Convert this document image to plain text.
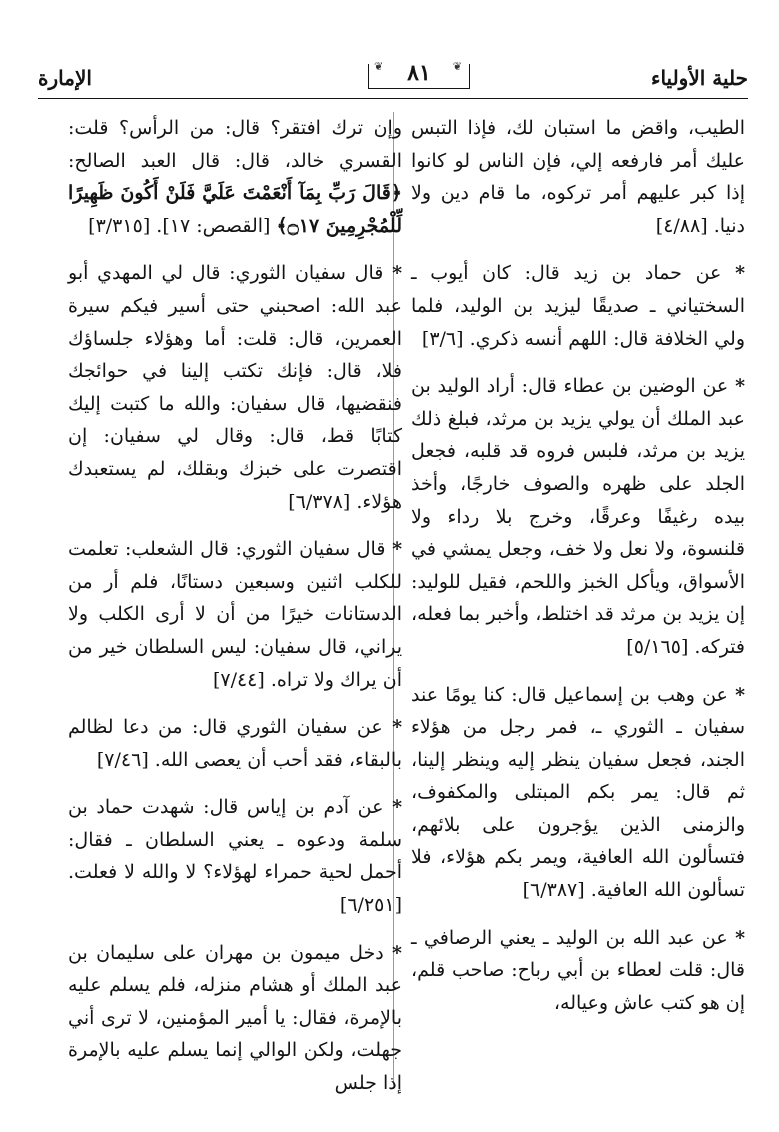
حلية الأولياء
❦
٨١
❦
الإمارة

الطيب، واقض ما استبان لك، فإذا التبس عليك أمر فارفعه إلي، فإن الناس لو كانوا إذا كبر عليهم أمر تركوه، ما قام دين ولا دنيا. [٤/٨٨]

* عن حماد بن زيد قال: كان أيوب ـ السختياني ـ صديقًا ليزيد بن الوليد، فلما ولي الخلافة قال: اللهم أنسه ذكري. [٣/٦]

* عن الوضين بن عطاء قال: أراد الوليد بن عبد الملك أن يولي يزيد بن مرثد، فبلغ ذلك يزيد بن مرثد، فلبس فروه قد قلبه، فجعل الجلد على ظهره والصوف خارجًا، وأخذ بيده رغيفًا وعرقًا، وخرج بلا رداء ولا قلنسوة، ولا نعل ولا خف، وجعل يمشي في الأسواق، ويأكل الخبز واللحم، فقيل للوليد: إن يزيد بن مرثد قد اختلط، وأخبر بما فعله، فتركه. [٥/١٦٥]

* عن وهب بن إسماعيل قال: كنا يومًا عند سفيان ـ الثوري ـ، فمر رجل من هؤلاء الجند، فجعل سفيان ينظر إليه وينظر إلينا، ثم قال: يمر بكم المبتلى والمكفوف، والزمنى الذين يؤجرون على بلائهم، فتسألون الله العافية، ويمر بكم هؤلاء، فلا تسألون الله العافية. [٦/٣٨٧]

* عن عبد الله بن الوليد ـ يعني الرصافي ـ قال: قلت لعطاء بن أبي رباح: صاحب قلم، إن هو كتب عاش وعياله،

وإن ترك افتقر؟ قال: من الرأس؟ قلت: القسري خالد، قال: قال العبد الصالح: ﴿قَالَ رَبِّ بِمَآ أَنْعَمْتَ عَلَيَّ فَلَنْ أَكُونَ ظَهِيرًا لِّلْمُجْرِمِينَ ۝١٧﴾ [القصص: ١٧]. [٣/٣١٥]

* قال سفيان الثوري: قال لي المهدي أبو عبد الله: اصحبني حتى أسير فيكم سيرة العمرين، قال: قلت: أما وهؤلاء جلساؤك فلا، قال: فإنك تكتب إلينا في حوائجك فنقضيها، قال سفيان: والله ما كتبت إليك كتابًا قط، قال: وقال لي سفيان: إن اقتصرت على خبزك وبقلك، لم يستعبدك هؤلاء. [٦/٣٧٨]

* قال سفيان الثوري: قال الشعلب: تعلمت للكلب اثنين وسبعين دستانًا، فلم أر من الدستانات خيرًا من أن لا أرى الكلب ولا يراني، قال سفيان: ليس السلطان خير من أن يراك ولا تراه. [٧/٤٤]

* عن سفيان الثوري قال: من دعا لظالم بالبقاء، فقد أحب أن يعصى الله. [٧/٤٦]

* عن آدم بن إياس قال: شهدت حماد بن سلمة ودعوه ـ يعني السلطان ـ فقال: أحمل لحية حمراء لهؤلاء؟ لا والله لا فعلت. [٦/٢٥١]

* دخل ميمون بن مهران على سليمان بن عبد الملك أو هشام منزله، فلم يسلم عليه بالإمرة، فقال: يا أمير المؤمنين، لا ترى أني جهلت، ولكن الوالي إنما يسلم عليه بالإمرة إذا جلس
